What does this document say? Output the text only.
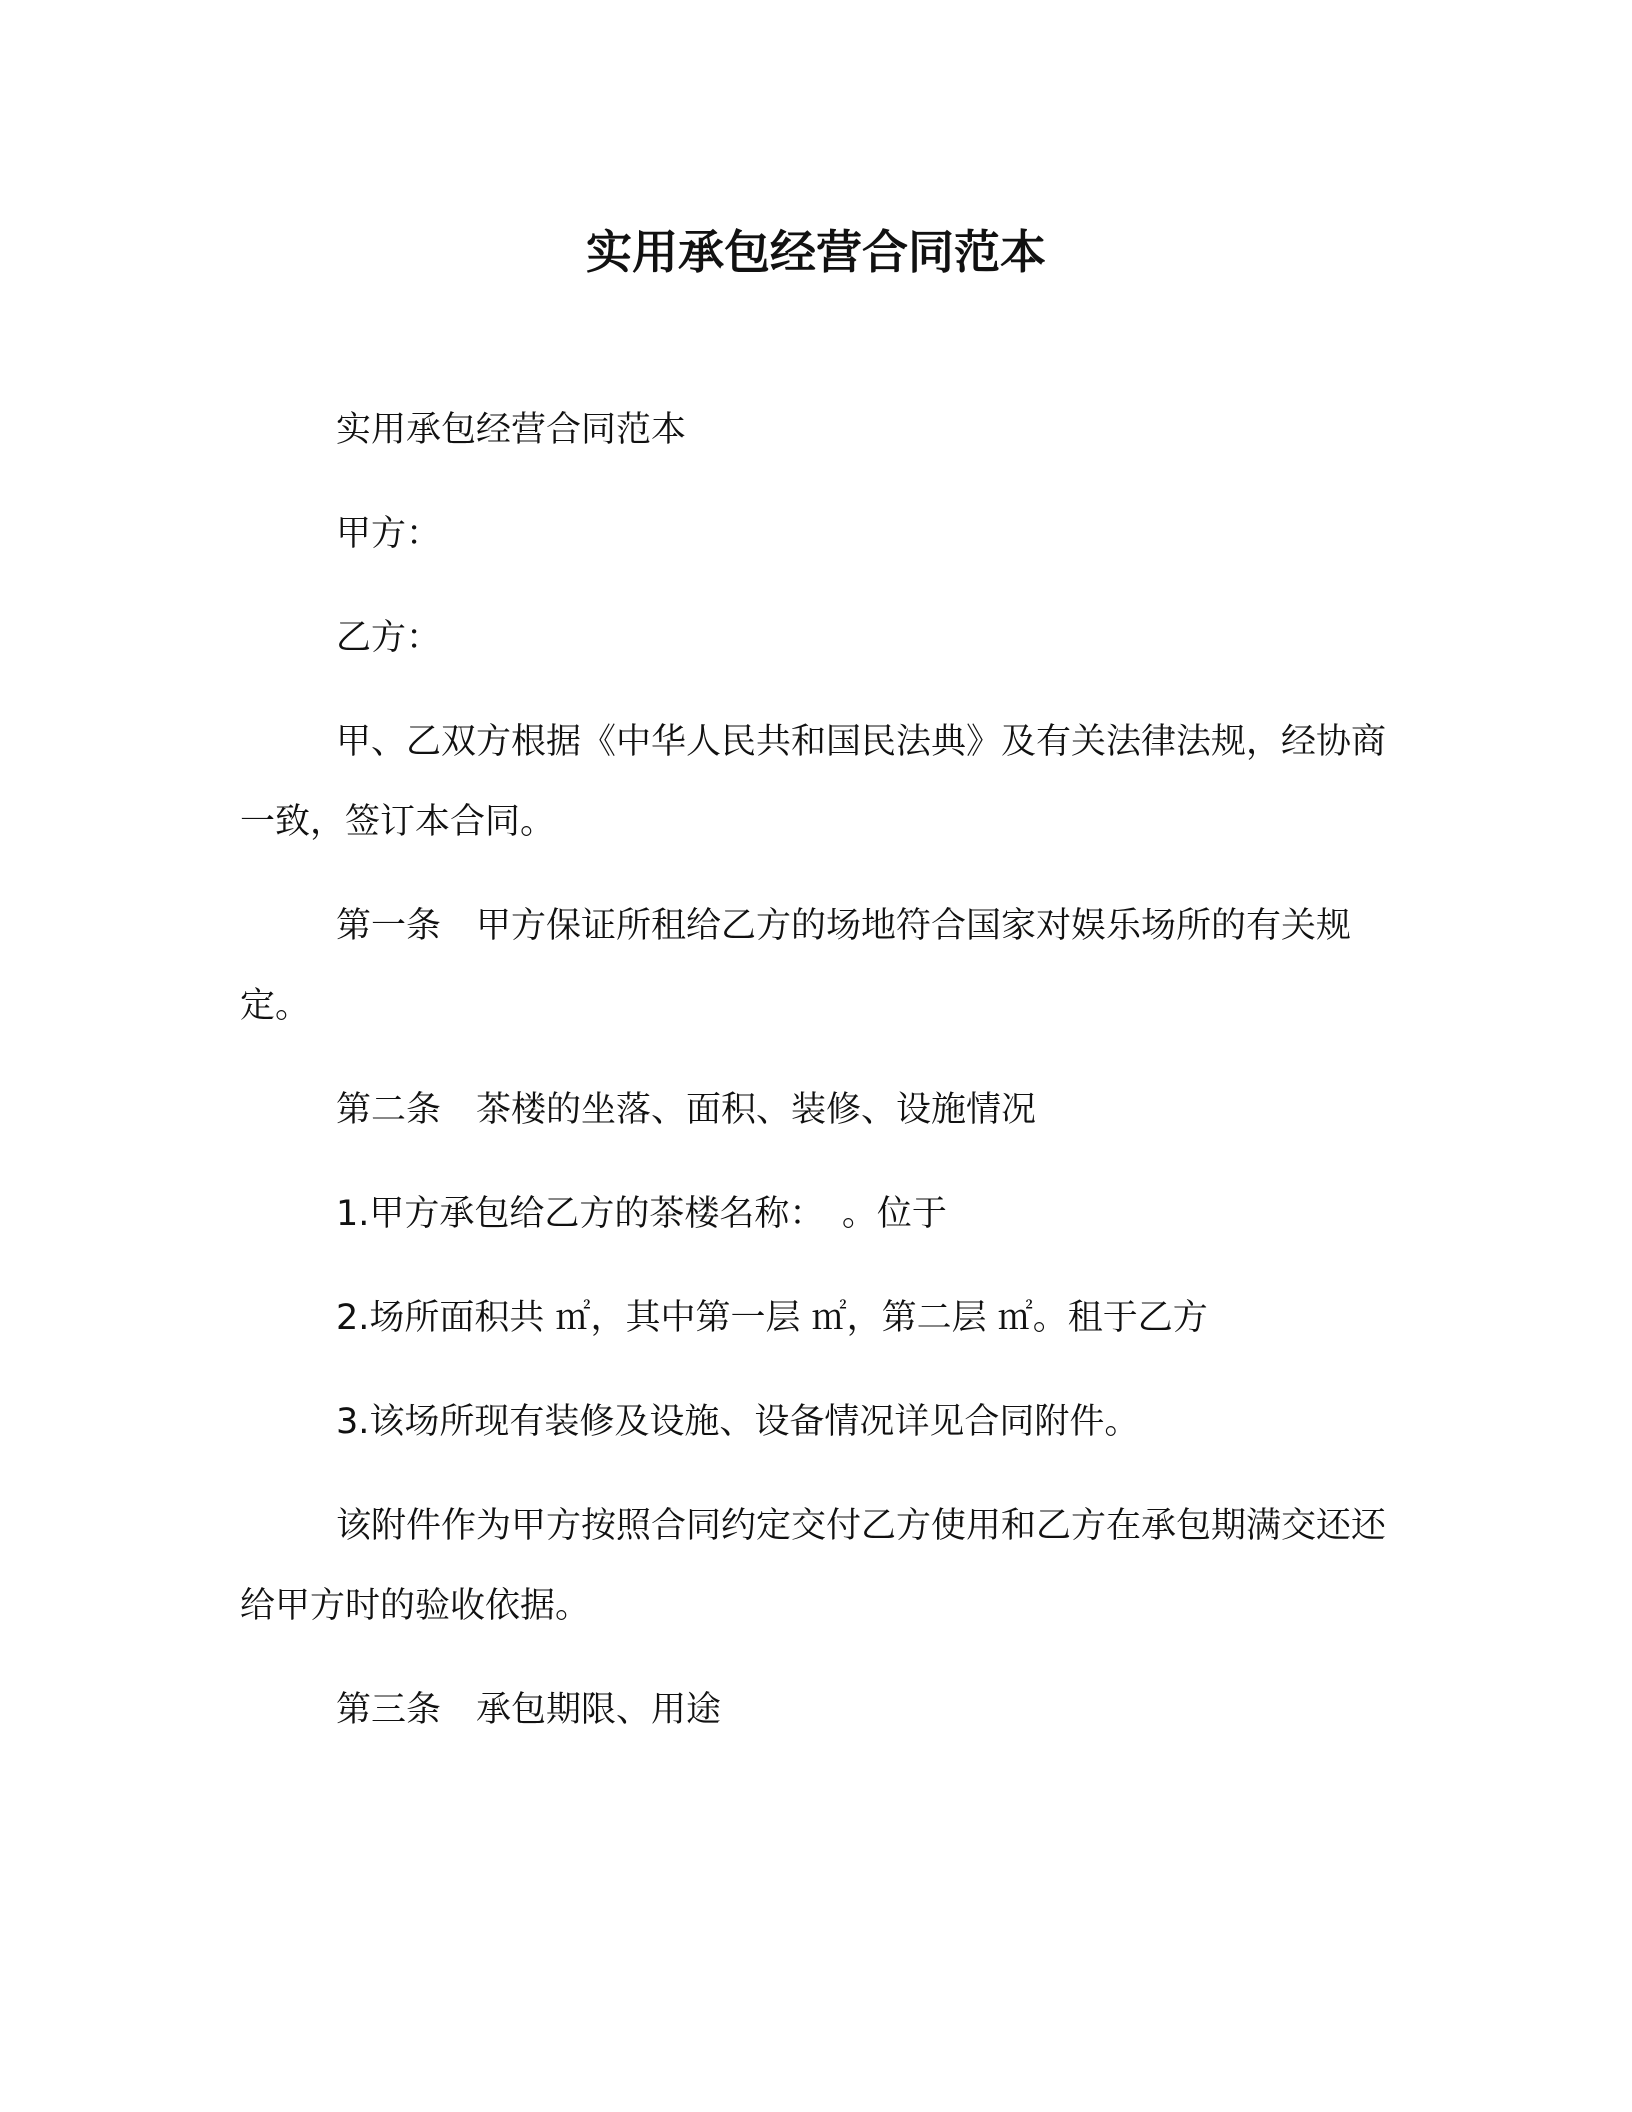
实用承包经营合同范本

实用承包经营合同范本

甲方：

乙方：

甲、乙双方根据《中华人民共和国民法典》及有关法律法规，经协商一致，签订本合同。

第一条　甲方保证所租给乙方的场地符合国家对娱乐场所的有关规定。

第二条　茶楼的坐落、面积、装修、设施情况

1.甲方承包给乙方的茶楼名称：　。位于

2.场所面积共 ㎡，其中第一层 ㎡，第二层 ㎡。租于乙方

3.该场所现有装修及设施、设备情况详见合同附件。

该附件作为甲方按照合同约定交付乙方使用和乙方在承包期满交还还给甲方时的验收依据。

第三条　承包期限、用途
